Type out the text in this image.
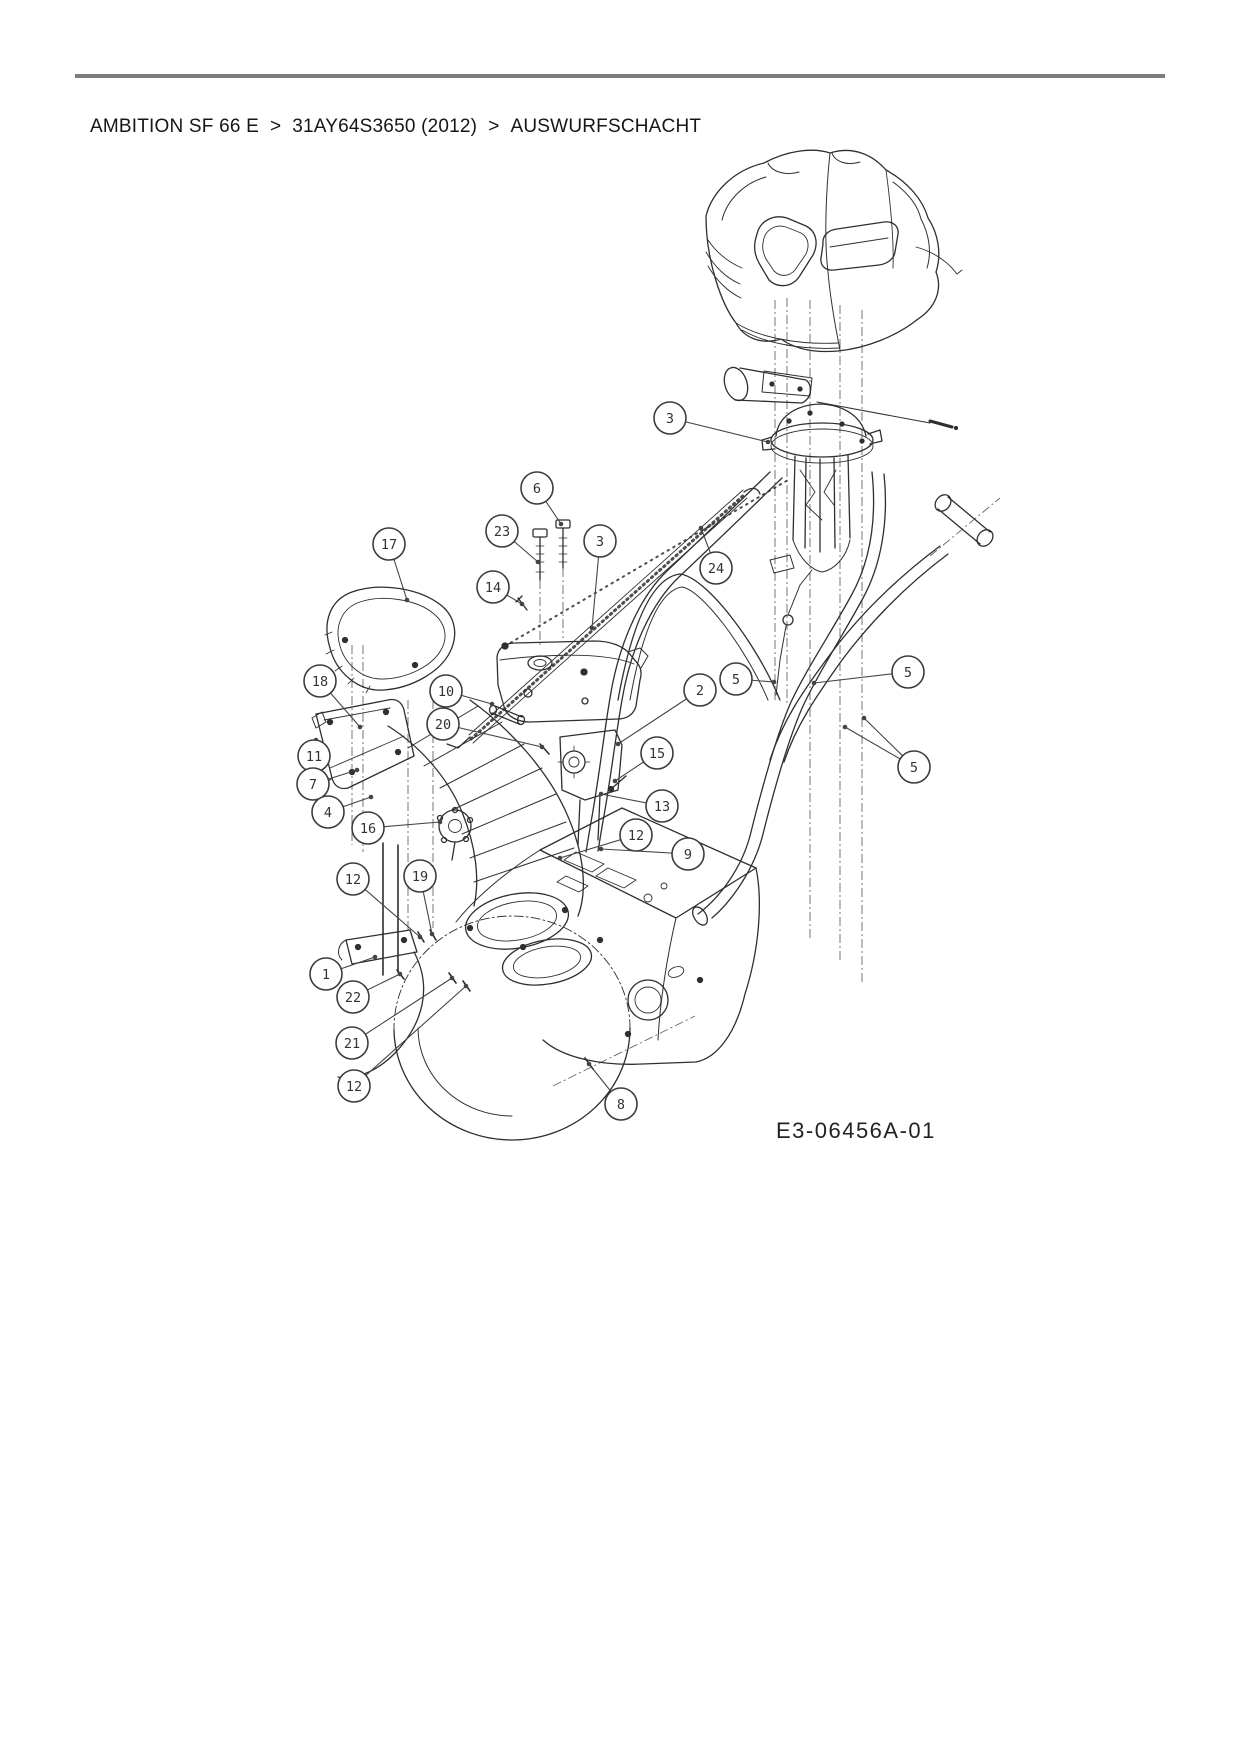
AMBITION SF 66 E > 31AY64S3650 (2012) > AUSWURFSCHACHT
3
6
23
3
14
17
24
18
10
20
2
5	5
5
11
7
15
13
12
9
4
16
12	19
1
22
21
12
8
E3-06456A-01
